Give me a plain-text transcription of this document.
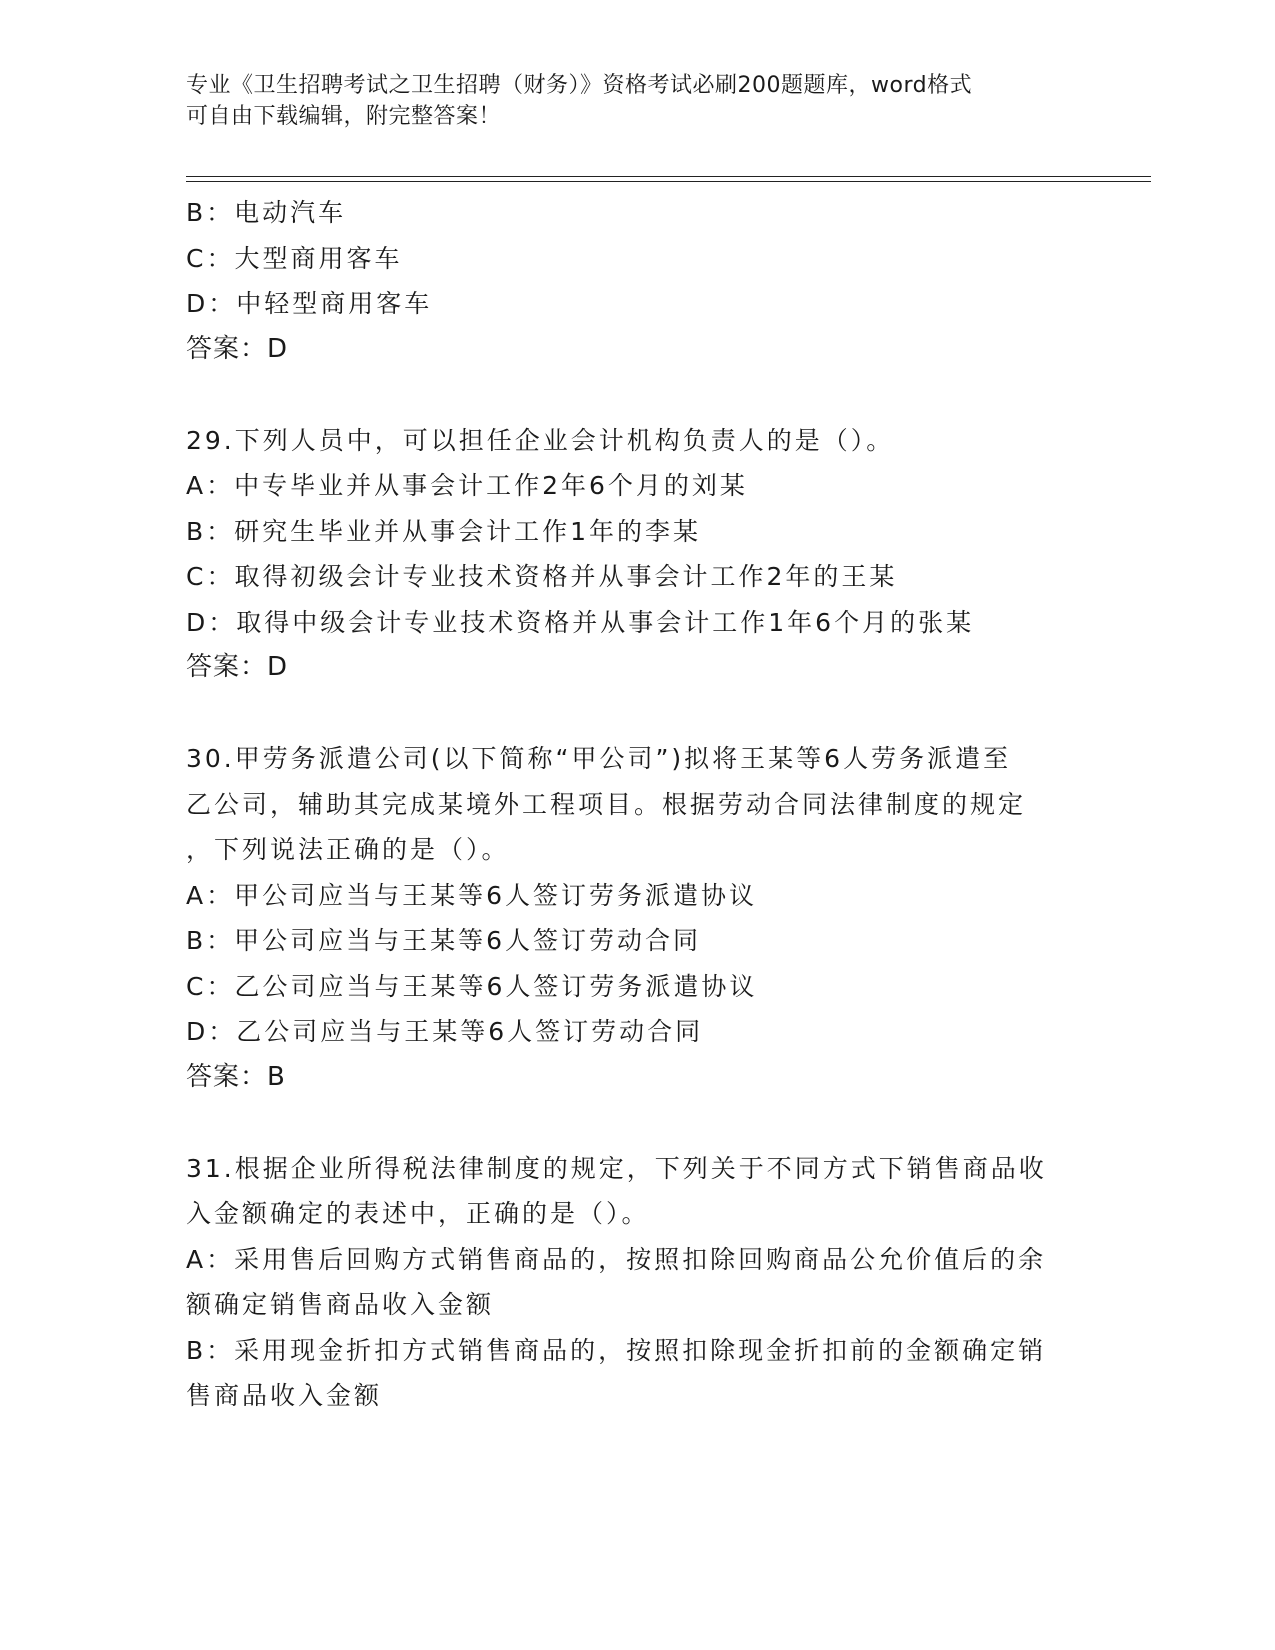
专业《卫生招聘考试之卫生招聘（财务）》资格考试必刷200题题库，word格式
可自由下载编辑，附完整答案！

B：电动汽车

C：大型商用客车

D：中轻型商用客车

答案：D

29.下列人员中，可以担任企业会计机构负责人的是（）。

A：中专毕业并从事会计工作2年6个月的刘某

B：研究生毕业并从事会计工作1年的李某

C：取得初级会计专业技术资格并从事会计工作2年的王某

D：取得中级会计专业技术资格并从事会计工作1年6个月的张某

答案：D

30.甲劳务派遣公司(以下简称“甲公司”)拟将王某等6人劳务派遣至

乙公司，辅助其完成某境外工程项目。根据劳动合同法律制度的规定

，下列说法正确的是（）。

A：甲公司应当与王某等6人签订劳务派遣协议

B：甲公司应当与王某等6人签订劳动合同

C：乙公司应当与王某等6人签订劳务派遣协议

D：乙公司应当与王某等6人签订劳动合同

答案：B

31.根据企业所得税法律制度的规定，下列关于不同方式下销售商品收

入金额确定的表述中，正确的是（）。

A：采用售后回购方式销售商品的，按照扣除回购商品公允价值后的余

额确定销售商品收入金额

B：采用现金折扣方式销售商品的，按照扣除现金折扣前的金额确定销

售商品收入金额
